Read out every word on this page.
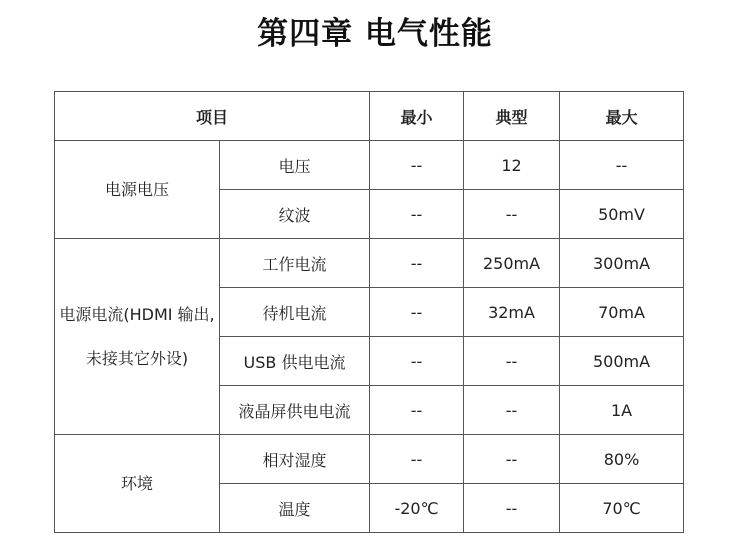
第四章 电气性能
项目		最小	典型	最大
电源电压	电压	--	12	--
	纹波	--	--	50mV
电源电流(HDMI 输出,未接其它外设)	工作电流	--	250mA	300mA
	待机电流	--	32mA	70mA
	USB 供电电流	--	--	500mA
	液晶屏供电电流	--	--	1A
环境	相对湿度	--	--	80%
	温度	-20℃	--	70℃
